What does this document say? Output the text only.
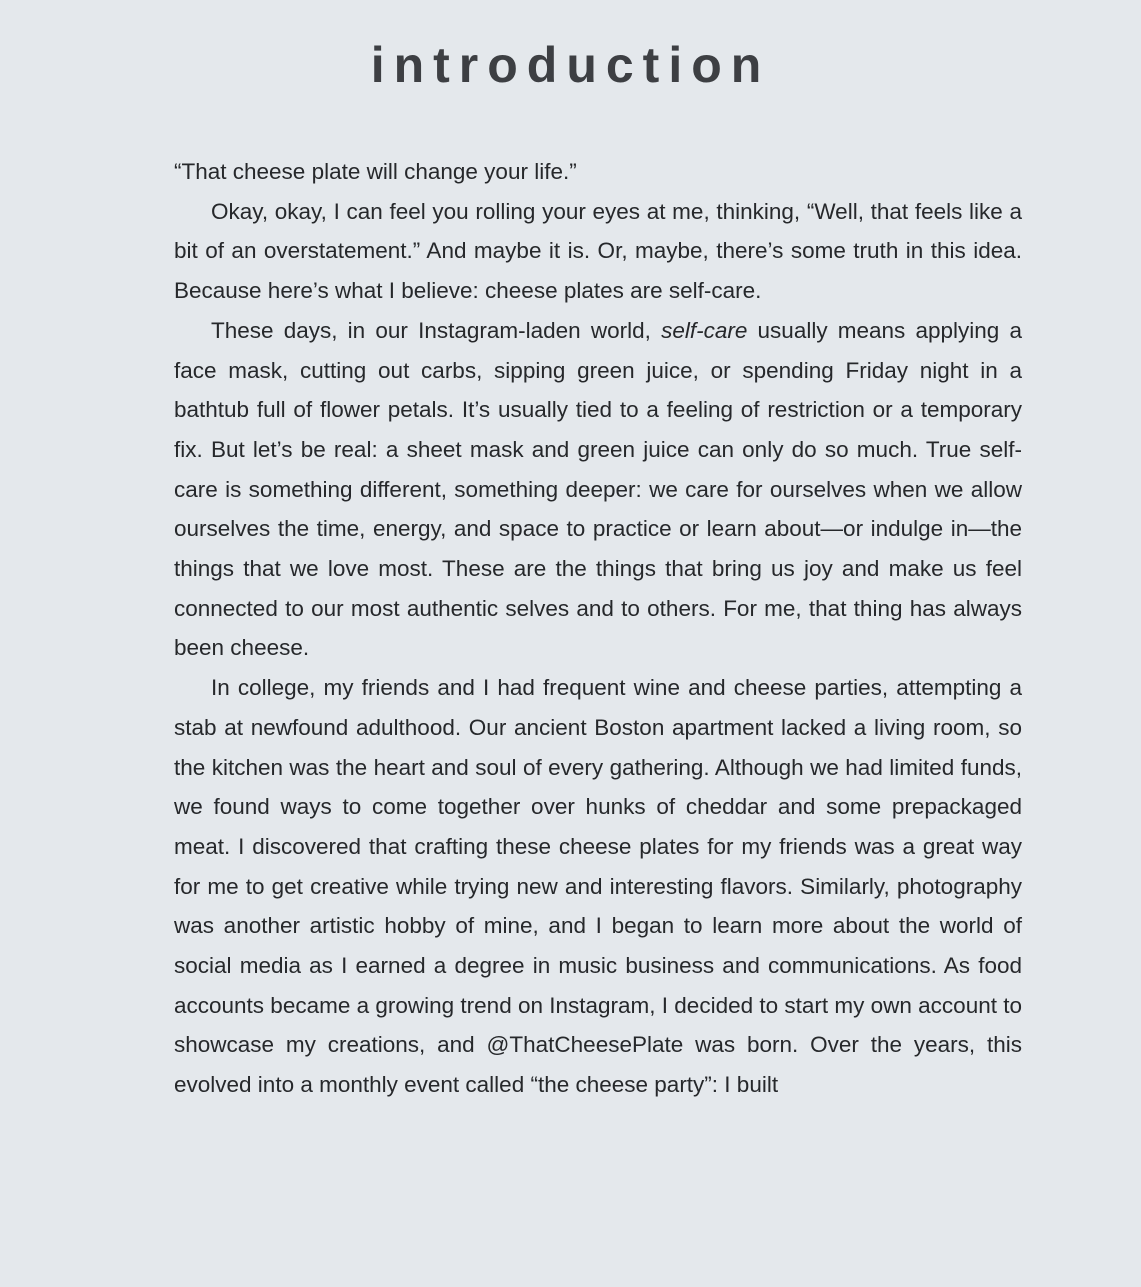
introduction

“That cheese plate will change your life.”

Okay, okay, I can feel you rolling your eyes at me, thinking, “Well, that feels like a bit of an overstatement.” And maybe it is. Or, maybe, there’s some truth in this idea. Because here’s what I believe: cheese plates are self-care.

These days, in our Instagram-laden world, self-care usually means applying a face mask, cutting out carbs, sipping green juice, or spending Friday night in a bathtub full of flower petals. It’s usually tied to a feeling of restriction or a temporary fix. But let’s be real: a sheet mask and green juice can only do so much. True self-care is something different, something deeper: we care for ourselves when we allow ourselves the time, energy, and space to practice or learn about—or indulge in—the things that we love most. These are the things that bring us joy and make us feel connected to our most authentic selves and to others. For me, that thing has always been cheese.

In college, my friends and I had frequent wine and cheese parties, attempting a stab at newfound adulthood. Our ancient Boston apartment lacked a living room, so the kitchen was the heart and soul of every gathering. Although we had limited funds, we found ways to come together over hunks of cheddar and some prepackaged meat. I discovered that crafting these cheese plates for my friends was a great way for me to get creative while trying new and interesting flavors. Similarly, photography was another artistic hobby of mine, and I began to learn more about the world of social media as I earned a degree in music business and communications. As food accounts became a growing trend on Instagram, I decided to start my own account to showcase my creations, and @ThatCheesePlate was born. Over the years, this evolved into a monthly event called “the cheese party”: I built
